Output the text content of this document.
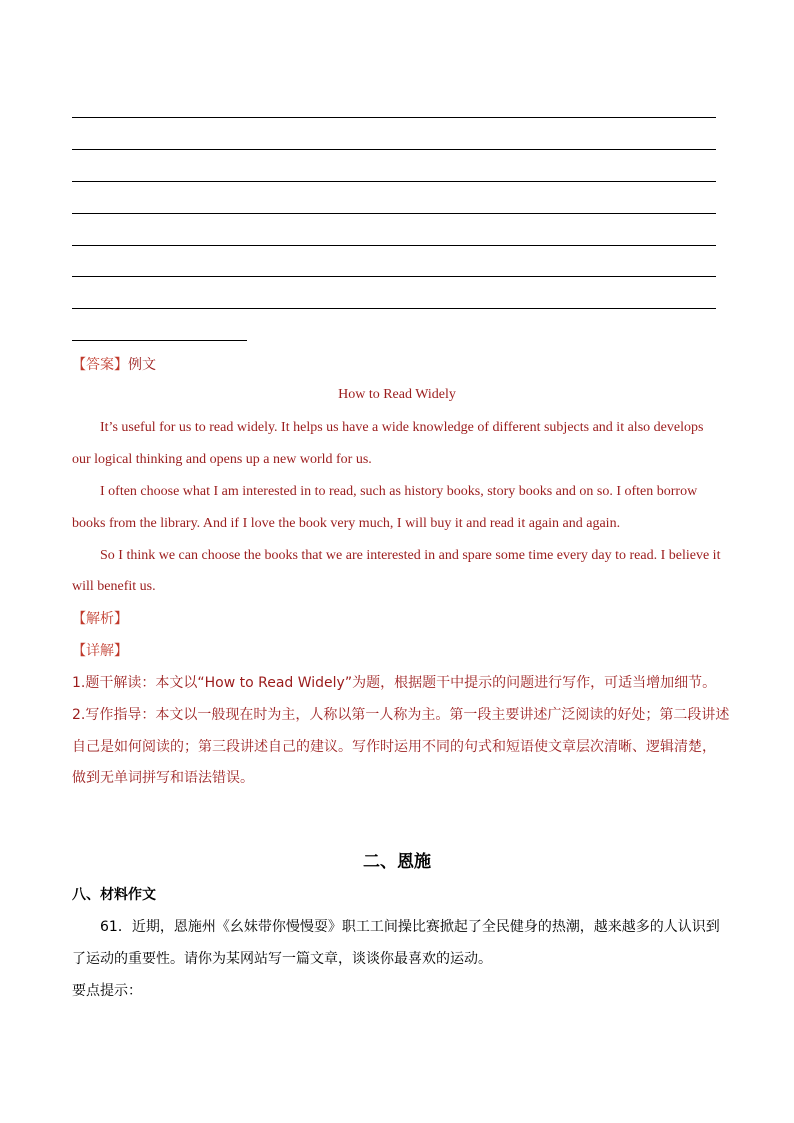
【答案】例文
How to Read Widely
It’s useful for us to read widely. It helps us have a wide knowledge of different subjects and it also develops
our logical thinking and opens up a new world for us.
I often choose what I am interested in to read, such as history books, story books and on so. I often borrow
books from the library. And if I love the book very much, I will buy it and read it again and again.
So I think we can choose the books that we are interested in and spare some time every day to read. I believe it
will benefit us.
【解析】
【详解】
1.题干解读：本文以“How to Read Widely”为题，根据题干中提示的问题进行写作，可适当增加细节。
2.写作指导：本文以一般现在时为主，人称以第一人称为主。第一段主要讲述广泛阅读的好处；第二段讲述
自己是如何阅读的；第三段讲述自己的建议。写作时运用不同的句式和短语使文章层次清晰、逻辑清楚，
做到无单词拼写和语法错误。
二、恩施
八、材料作文
61．近期，恩施州《幺妹带你慢慢耍》职工工间操比赛掀起了全民健身的热潮，越来越多的人认识到
了运动的重要性。请你为某网站写一篇文章，谈谈你最喜欢的运动。
要点提示：
